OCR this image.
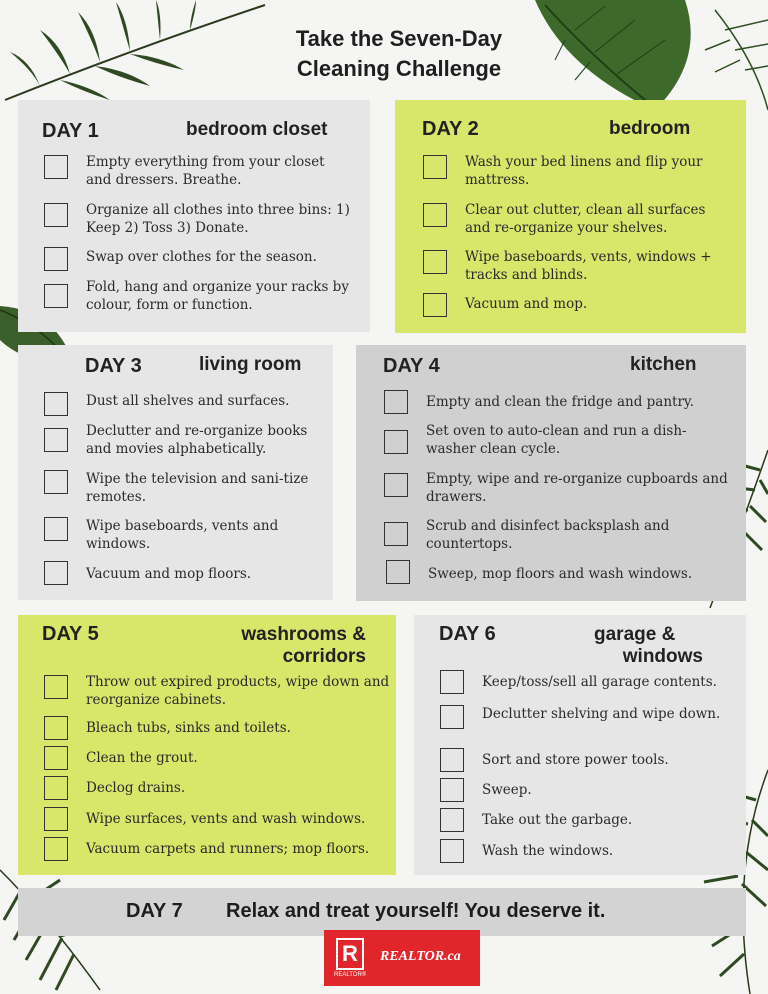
Take the Seven-Day
Cleaning Challenge
DAY 1	bedroom closet
Empty everything from your closet and dressers. Breathe.
Organize all clothes into three bins: 1) Keep 2) Toss 3) Donate.
Swap over clothes for the season.
Fold, hang and organize your racks by colour, form or function.
DAY 2	bedroom
Wash your bed linens and flip your mattress.
Clear out clutter, clean all surfaces and re-organize your shelves.
Wipe baseboards, vents, windows + tracks and blinds.
Vacuum and mop.
DAY 3	living room
Dust all shelves and surfaces.
Declutter and re-organize books and movies alphabetically.
Wipe the television and sani-tize remotes.
Wipe baseboards, vents and windows.
Vacuum and mop floors.
DAY 4	kitchen
Empty and clean the fridge and pantry.
Set oven to auto-clean and run a dish-washer clean cycle.
Empty, wipe and re-organize cupboards and drawers.
Scrub and disinfect backsplash and countertops.
Sweep, mop floors and wash windows.
DAY 5	washrooms &
corridors
Throw out expired products, wipe down and reorganize cabinets.
Bleach tubs, sinks and toilets.
Clean the grout.
Declog drains.
Wipe surfaces, vents and wash windows.
Vacuum carpets and runners; mop floors.
DAY 6	garage &
windows
Keep/toss/sell all garage contents.
Declutter shelving and wipe down.
Sort and store power tools.
Sweep.
Take out the garbage.
Wash the windows.
DAY 7 Relax and treat yourself! You deserve it.
R
REALTOR®
REALTOR.ca
